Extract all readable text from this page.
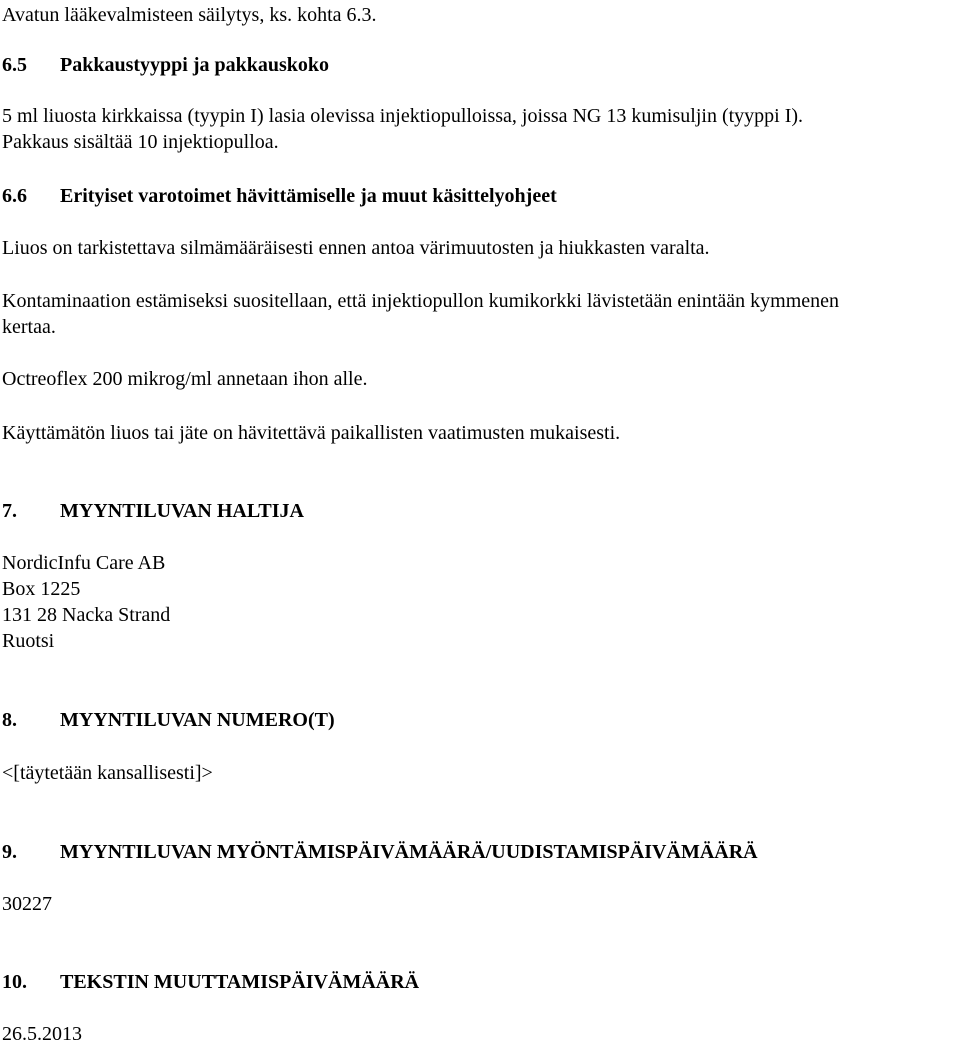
Avatun lääkevalmisteen säilytys, ks. kohta 6.3.
6.5 Pakkaustyyppi ja pakkauskoko
5 ml liuosta kirkkaissa (tyypin I) lasia olevissa injektiopulloissa, joissa NG 13 kumisuljin (tyyppi I).
Pakkaus sisältää 10 injektiopulloa.
6.6 Erityiset varotoimet hävittämiselle ja muut käsittelyohjeet
Liuos on tarkistettava silmämääräisesti ennen antoa värimuutosten ja hiukkasten varalta.
Kontaminaation estämiseksi suositellaan, että injektiopullon kumikorkki lävistetään enintään kymmenen
kertaa.
Octreoflex 200 mikrog/ml annetaan ihon alle.
Käyttämätön liuos tai jäte on hävitettävä paikallisten vaatimusten mukaisesti.
7. MYYNTILUVAN HALTIJA
NordicInfu Care AB
Box 1225
131 28 Nacka Strand
Ruotsi
8. MYYNTILUVAN NUMERO(T)
<[täytetään kansallisesti]>
9. MYYNTILUVAN MYÖNTÄMISPÄIVÄMÄÄRÄ/UUDISTAMISPÄIVÄMÄÄRÄ
30227
10. TEKSTIN MUUTTAMISPÄIVÄMÄÄRÄ
26.5.2013
